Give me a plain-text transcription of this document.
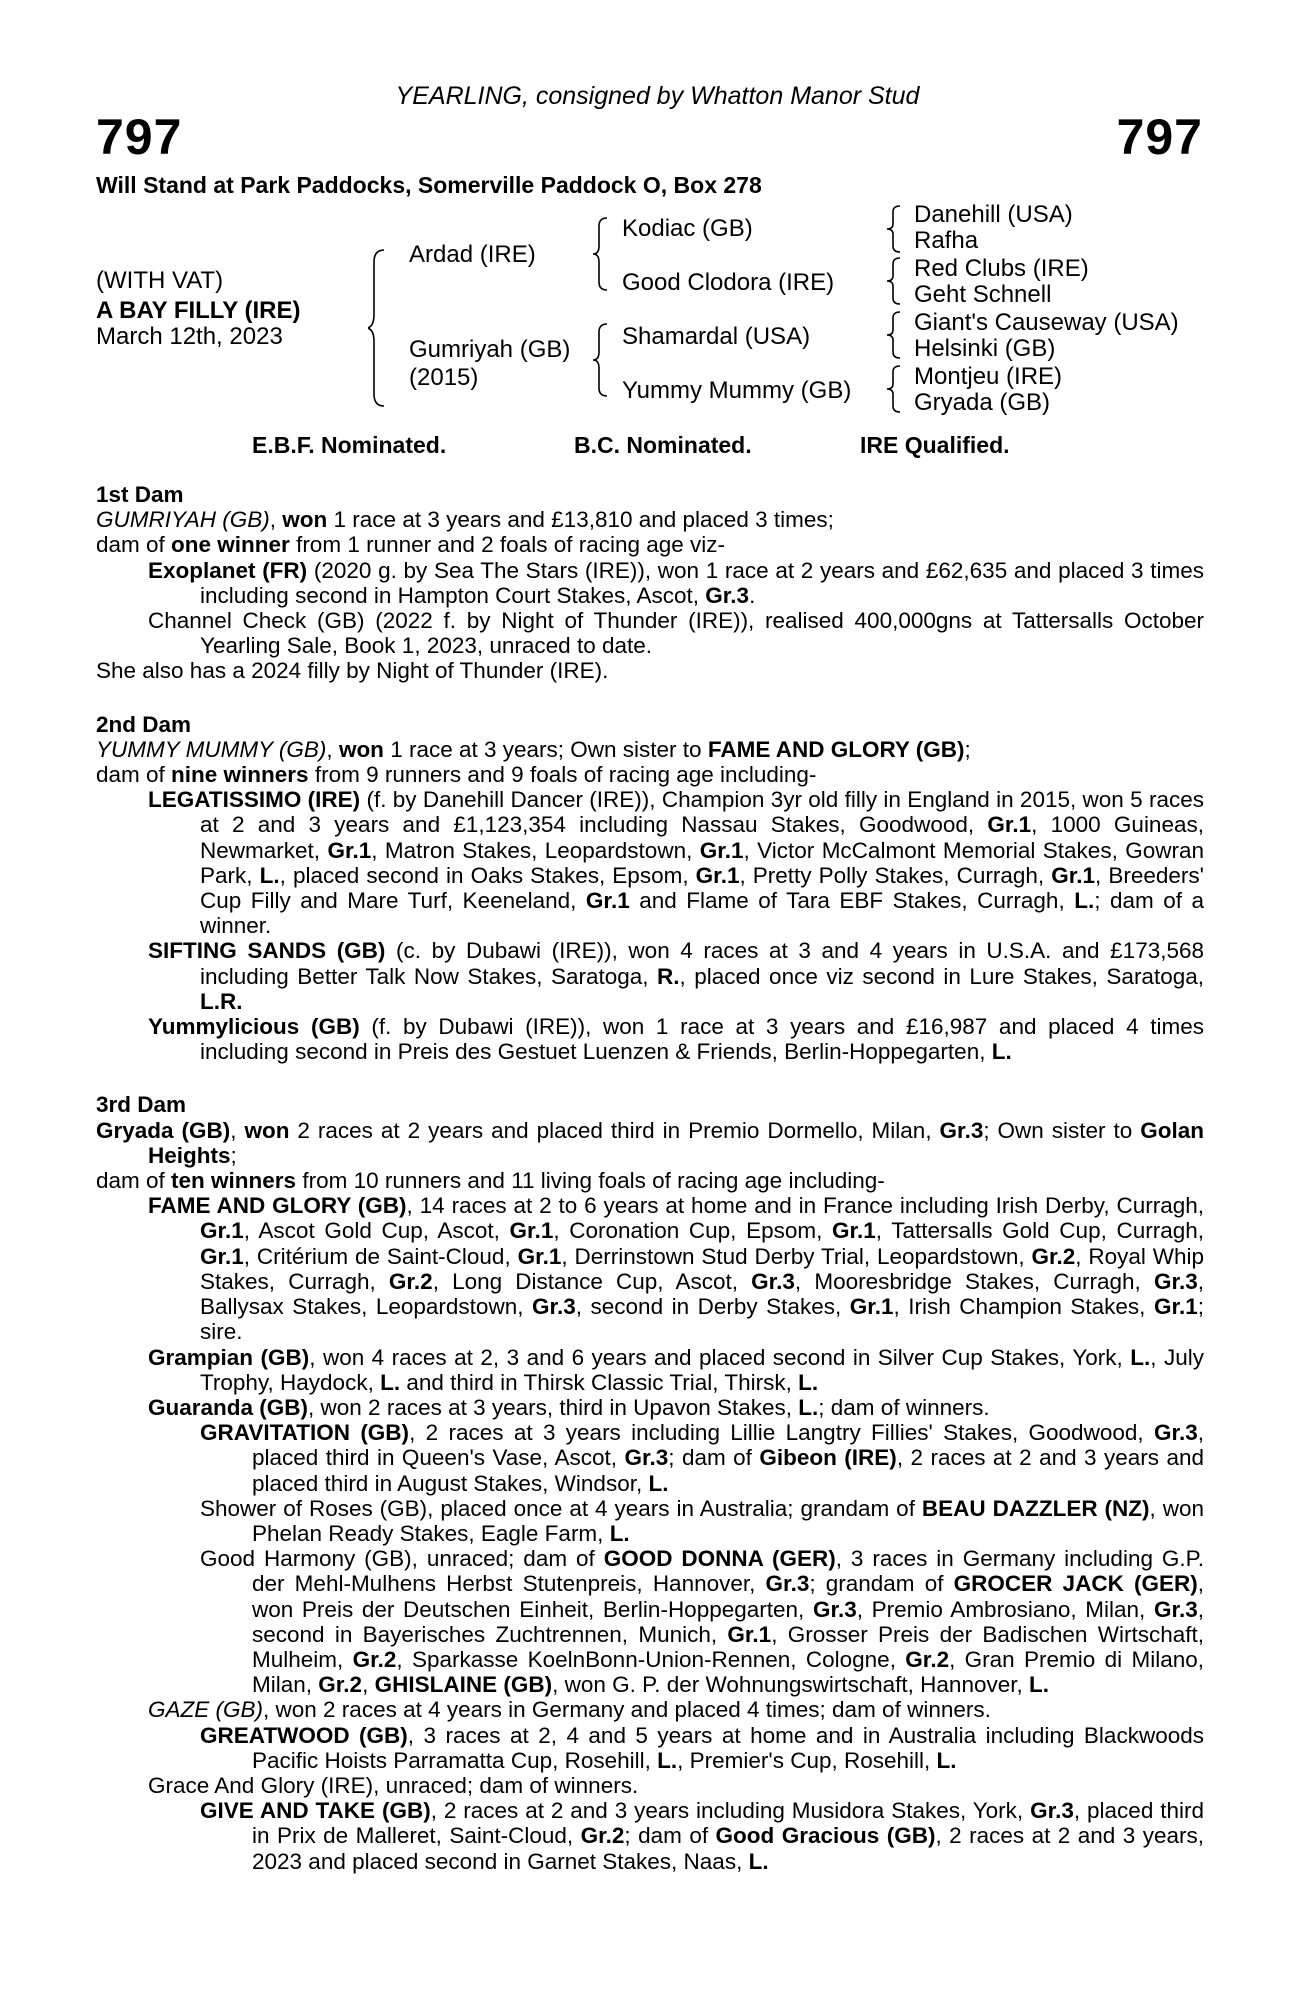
YEARLING, consigned by Whatton Manor Stud
797	797
Will Stand at Park Paddocks, Somerville Paddock O, Box 278
(WITH VAT)
A BAY FILLY (IRE)
March 12th, 2023
Ardad (IRE)
Gumriyah (GB)
(2015)
Kodiac (GB)
Good Clodora (IRE)
Shamardal (USA)
Yummy Mummy (GB)
Danehill (USA)
Rafha
Red Clubs (IRE)
Geht Schnell
Giant's Causeway (USA)
Helsinki (GB)
Montjeu (IRE)
Gryada (GB)
E.B.F. Nominated.	B.C. Nominated.	IRE Qualified.
1st Dam

GUMRIYAH (GB), won 1 race at 3 years and £13,810 and placed 3 times;

dam of one winner from 1 runner and 2 foals of racing age viz-

Exoplanet (FR) (2020 g. by Sea The Stars (IRE)), won 1 race at 2 years and £62,635 and placed 3 times including second in Hampton Court Stakes, Ascot, Gr.3.

Channel Check (GB) (2022 f. by Night of Thunder (IRE)), realised 400,000gns at Tattersalls October Yearling Sale, Book 1, 2023, unraced to date.

She also has a 2024 filly by Night of Thunder (IRE).

2nd Dam

YUMMY MUMMY (GB), won 1 race at 3 years; Own sister to FAME AND GLORY (GB);

dam of nine winners from 9 runners and 9 foals of racing age including-

LEGATISSIMO (IRE) (f. by Danehill Dancer (IRE)), Champion 3yr old filly in England in 2015, won 5 races at 2 and 3 years and £1,123,354 including Nassau Stakes, Goodwood, Gr.1, 1000 Guineas, Newmarket, Gr.1, Matron Stakes, Leopardstown, Gr.1, Victor McCalmont Memorial Stakes, Gowran Park, L., placed second in Oaks Stakes, Epsom, Gr.1, Pretty Polly Stakes, Curragh, Gr.1, Breeders' Cup Filly and Mare Turf, Keeneland, Gr.1 and Flame of Tara EBF Stakes, Curragh, L.; dam of a winner.

SIFTING SANDS (GB) (c. by Dubawi (IRE)), won 4 races at 3 and 4 years in U.S.A. and £173,568 including Better Talk Now Stakes, Saratoga, R., placed once viz second in Lure Stakes, Saratoga, L.R.

Yummylicious (GB) (f. by Dubawi (IRE)), won 1 race at 3 years and £16,987 and placed 4 times including second in Preis des Gestuet Luenzen & Friends, Berlin-Hoppegarten, L.

3rd Dam

Gryada (GB), won 2 races at 2 years and placed third in Premio Dormello, Milan, Gr.3; Own sister to Golan Heights;

dam of ten winners from 10 runners and 11 living foals of racing age including-

FAME AND GLORY (GB), 14 races at 2 to 6 years at home and in France including Irish Derby, Curragh, Gr.1, Ascot Gold Cup, Ascot, Gr.1, Coronation Cup, Epsom, Gr.1, Tattersalls Gold Cup, Curragh, Gr.1, Critérium de Saint-Cloud, Gr.1, Derrinstown Stud Derby Trial, Leopardstown, Gr.2, Royal Whip Stakes, Curragh, Gr.2, Long Distance Cup, Ascot, Gr.3, Mooresbridge Stakes, Curragh, Gr.3, Ballysax Stakes, Leopardstown, Gr.3, second in Derby Stakes, Gr.1, Irish Champion Stakes, Gr.1; sire.

Grampian (GB), won 4 races at 2, 3 and 6 years and placed second in Silver Cup Stakes, York, L., July Trophy, Haydock, L. and third in Thirsk Classic Trial, Thirsk, L.

Guaranda (GB), won 2 races at 3 years, third in Upavon Stakes, L.; dam of winners.

GRAVITATION (GB), 2 races at 3 years including Lillie Langtry Fillies' Stakes, Goodwood, Gr.3, placed third in Queen's Vase, Ascot, Gr.3; dam of Gibeon (IRE), 2 races at 2 and 3 years and placed third in August Stakes, Windsor, L.

Shower of Roses (GB), placed once at 4 years in Australia; grandam of BEAU DAZZLER (NZ), won Phelan Ready Stakes, Eagle Farm, L.

Good Harmony (GB), unraced; dam of GOOD DONNA (GER), 3 races in Germany including G.P. der Mehl-Mulhens Herbst Stutenpreis, Hannover, Gr.3; grandam of GROCER JACK (GER), won Preis der Deutschen Einheit, Berlin-Hoppegarten, Gr.3, Premio Ambrosiano, Milan, Gr.3, second in Bayerisches Zuchtrennen, Munich, Gr.1, Grosser Preis der Badischen Wirtschaft, Mulheim, Gr.2, Sparkasse KoelnBonn-Union-Rennen, Cologne, Gr.2, Gran Premio di Milano, Milan, Gr.2, GHISLAINE (GB), won G. P. der Wohnungswirtschaft, Hannover, L.

GAZE (GB), won 2 races at 4 years in Germany and placed 4 times; dam of winners.

GREATWOOD (GB), 3 races at 2, 4 and 5 years at home and in Australia including Blackwoods Pacific Hoists Parramatta Cup, Rosehill, L., Premier's Cup, Rosehill, L.

Grace And Glory (IRE), unraced; dam of winners.

GIVE AND TAKE (GB), 2 races at 2 and 3 years including Musidora Stakes, York, Gr.3, placed third in Prix de Malleret, Saint-Cloud, Gr.2; dam of Good Gracious (GB), 2 races at 2 and 3 years, 2023 and placed second in Garnet Stakes, Naas, L.
